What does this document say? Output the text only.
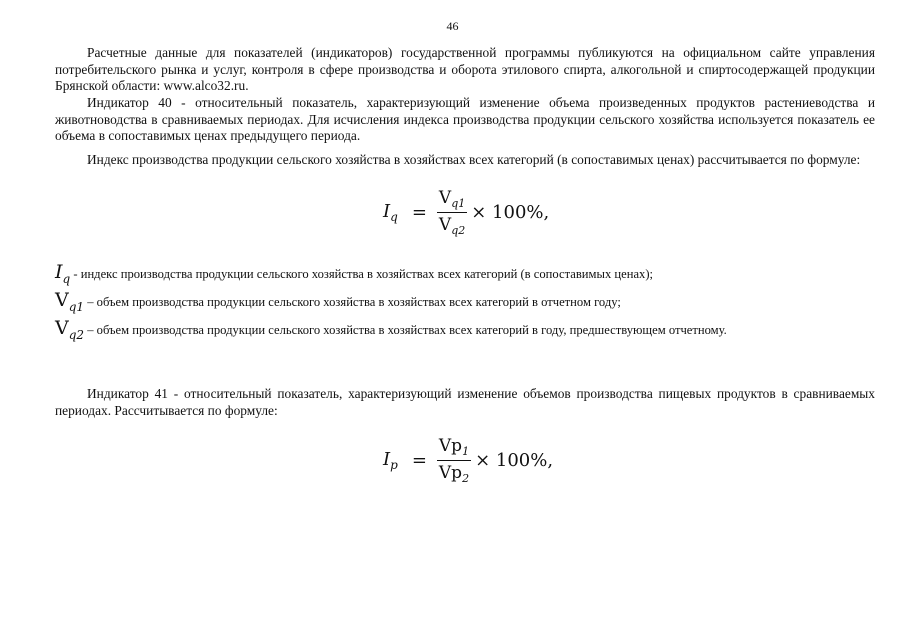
46

Расчетные данные для показателей (индикаторов) государственной программы публикуются на официальном сайте управления потребительского рынка и услуг, контроля в сфере производства и оборота этилового спирта, алкогольной и спиртосодержащей продукции Брянской области: www.alco32.ru.

Индикатор 40 - относительный показатель, характеризующий изменение объема произведенных продуктов растениеводства и животноводства в сравниваемых периодах. Для исчисления индекса производства продукции сельского хозяйства используется показатель ее объема в сопоставимых ценах предыдущего периода.

Индекс производства продукции сельского хозяйства в хозяйствах всех категорий (в сопоставимых ценах) рассчитывается по формуле:

$I_q = \frac{V_{q1}}{V_{q2}} \times 100\%$,
$I_q$ - индекс производства продукции сельского хозяйства в хозяйствах всех категорий (в сопоставимых ценах);
$V_{q1}$ – объем производства продукции сельского хозяйства в хозяйствах всех категорий в отчетном году;
$V_{q2}$ – объем производства продукции сельского хозяйства в хозяйствах всех категорий в году, предшествующем отчетному.

Индикатор 41 - относительный показатель, характеризующий изменение объемов производства пищевых продуктов в сравниваемых периодах. Рассчитывается по формуле:

$I_p = \frac{Vp_1}{Vp_2} \times 100\%$,
